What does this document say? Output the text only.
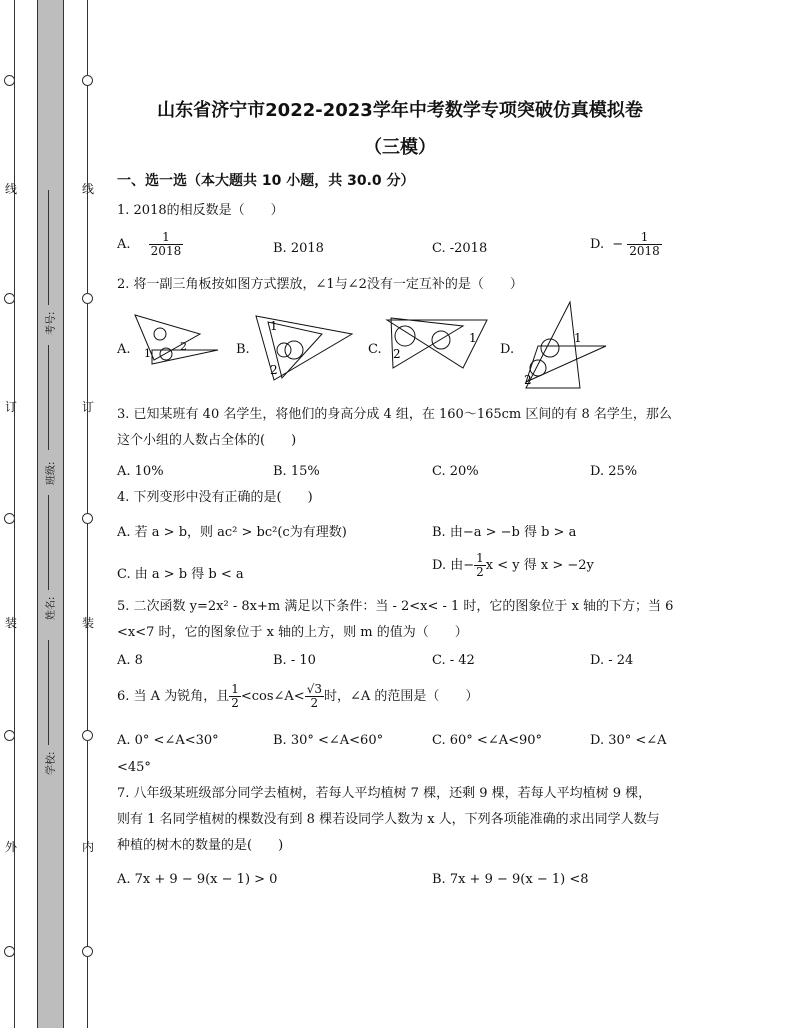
线
订
装
外
线
订
装
内
考号:
班级:
姓名:
学校:
山东省济宁市2022-2023学年中考数学专项突破仿真模拟卷
（三模）
一、选一选（本大题共 10 小题，共 30.0 分）
1. 2018的相反数是（　　）
A. $\frac{1}{2018}$	B. 2018	C. -2018	D. − $\frac{1}{2018}$
2. 将一副三角板按如图方式摆放，∠1与∠2没有一定互补的是（　　）
A.	B.	C.	D.
1
2
1
2
1
2
1
2
3. 已知某班有 40 名学生，将他们的身高分成 4 组，在 160～165cm 区间的有 8 名学生，那么
这个小组的人数占全体的(　　)
A. 10%	B. 15%	C. 20%	D. 25%
4. 下列变形中没有正确的是(　　)
A. 若 a > b，则 ac² > bc²(c为有理数)	B. 由−a > −b 得 b > a
C. 由 a > b 得 b < a
D. 由− $\frac{1}{2}$ x < y 得 x > −2y
5. 二次函数 y=2x² - 8x+m 满足以下条件：当 - 2<x< - 1 时，它的图象位于 x 轴的下方；当 6
<x<7 时，它的图象位于 x 轴的上方，则 m 的值为（　　）
A. 8	B. - 10	C. - 42	D. - 24
6. 当 A 为锐角，且 $\frac{1}{2}$ <cos∠A< $\frac{√3}{2}$ 时，∠A 的范围是（　　）
A. 0° <∠A<30°	B. 30° <∠A<60°	C. 60° <∠A<90°	D. 30° <∠A
<45°
7. 八年级某班级部分同学去植树，若每人平均植树 7 棵，还剩 9 棵，若每人平均植树 9 棵，
则有 1 名同学植树的棵数没有到 8 棵若设同学人数为 x 人，下列各项能准确的求出同学人数与
种植的树木的数量的是(　　)
A. 7x + 9 − 9(x − 1) > 0	B. 7x + 9 − 9(x − 1) <8
